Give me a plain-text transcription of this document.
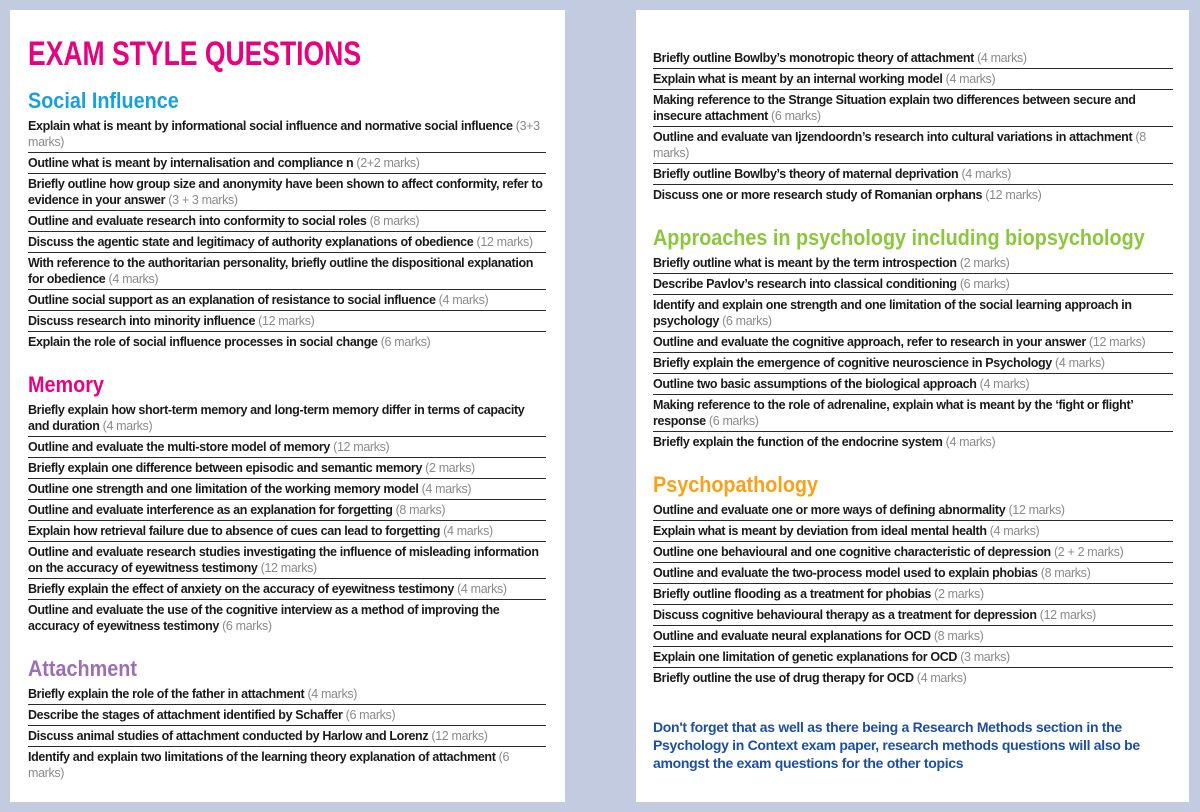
EXAM STYLE QUESTIONS
Social Influence
Explain what is meant by informational social influence and normative social influence (3+3 marks)
Outline what is meant by internalisation and compliance n (2+2 marks)
Briefly outline how group size and anonymity have been shown to affect conformity, refer to evidence in your answer (3 + 3 marks)
Outline and evaluate research into conformity to social roles (8 marks)
Discuss the agentic state and legitimacy of authority explanations of obedience (12 marks)
With reference to the authoritarian personality, briefly outline the dispositional explanation for obedience (4 marks)
Outline social support as an explanation of resistance to social influence (4 marks)
Discuss research into minority influence (12 marks)
Explain the role of social influence processes in social change (6 marks)
Memory
Briefly explain how short-term memory and long-term memory differ in terms of capacity and duration (4 marks)
Outline and evaluate the multi-store model of memory (12 marks)
Briefly explain one difference between episodic and semantic memory (2 marks)
Outline one strength and one limitation of the working memory model (4 marks)
Outline and evaluate interference as an explanation for forgetting (8 marks)
Explain how retrieval failure due to absence of cues can lead to forgetting (4 marks)
Outline and evaluate research studies investigating the influence of misleading information on the accuracy of eyewitness testimony (12 marks)
Briefly explain the effect of anxiety on the accuracy of eyewitness testimony (4 marks)
Outline and evaluate the use of the cognitive interview as a method of improving the accuracy of eyewitness testimony (6 marks)
Attachment
Briefly explain the role of the father in attachment (4 marks)
Describe the stages of attachment identified by Schaffer (6 marks)
Discuss animal studies of attachment conducted by Harlow and Lorenz (12 marks)
Identify and explain two limitations of the learning theory explanation of attachment (6 marks)
Briefly outline Bowlby’s monotropic theory of attachment (4 marks)
Explain what is meant by an internal working model (4 marks)
Making reference to the Strange Situation explain two differences between secure and insecure attachment (6 marks)
Outline and evaluate van Ijzendoordn’s research into cultural variations in attachment (8 marks)
Briefly outline Bowlby’s theory of maternal deprivation (4 marks)
Discuss one or more research study of Romanian orphans (12 marks)
Approaches in psychology including biopsychology
Briefly outline what is meant by the term introspection (2 marks)
Describe Pavlov’s research into classical conditioning (6 marks)
Identify and explain one strength and one limitation of the social learning approach in psychology (6 marks)
Outline and evaluate the cognitive approach, refer to research in your answer (12 marks)
Briefly explain the emergence of cognitive neuroscience in Psychology (4 marks)
Outline two basic assumptions of the biological approach (4 marks)
Making reference to the role of adrenaline, explain what is meant by the ‘fight or flight’ response (6 marks)
Briefly explain the function of the endocrine system (4 marks)
Psychopathology
Outline and evaluate one or more ways of defining abnormality (12 marks)
Explain what is meant by deviation from ideal mental health (4 marks)
Outline one behavioural and one cognitive characteristic of depression (2 + 2 marks)
Outline and evaluate the two-process model used to explain phobias (8 marks)
Briefly outline flooding as a treatment for phobias (2 marks)
Discuss cognitive behavioural therapy as a treatment for depression (12 marks)
Outline and evaluate neural explanations for OCD (8 marks)
Explain one limitation of genetic explanations for OCD (3 marks)
Briefly outline the use of drug therapy for OCD (4 marks)

Don't forget that as well as there being a Research Methods section in the Psychology in Context exam paper, research methods questions will also be amongst the exam questions for the other topics
